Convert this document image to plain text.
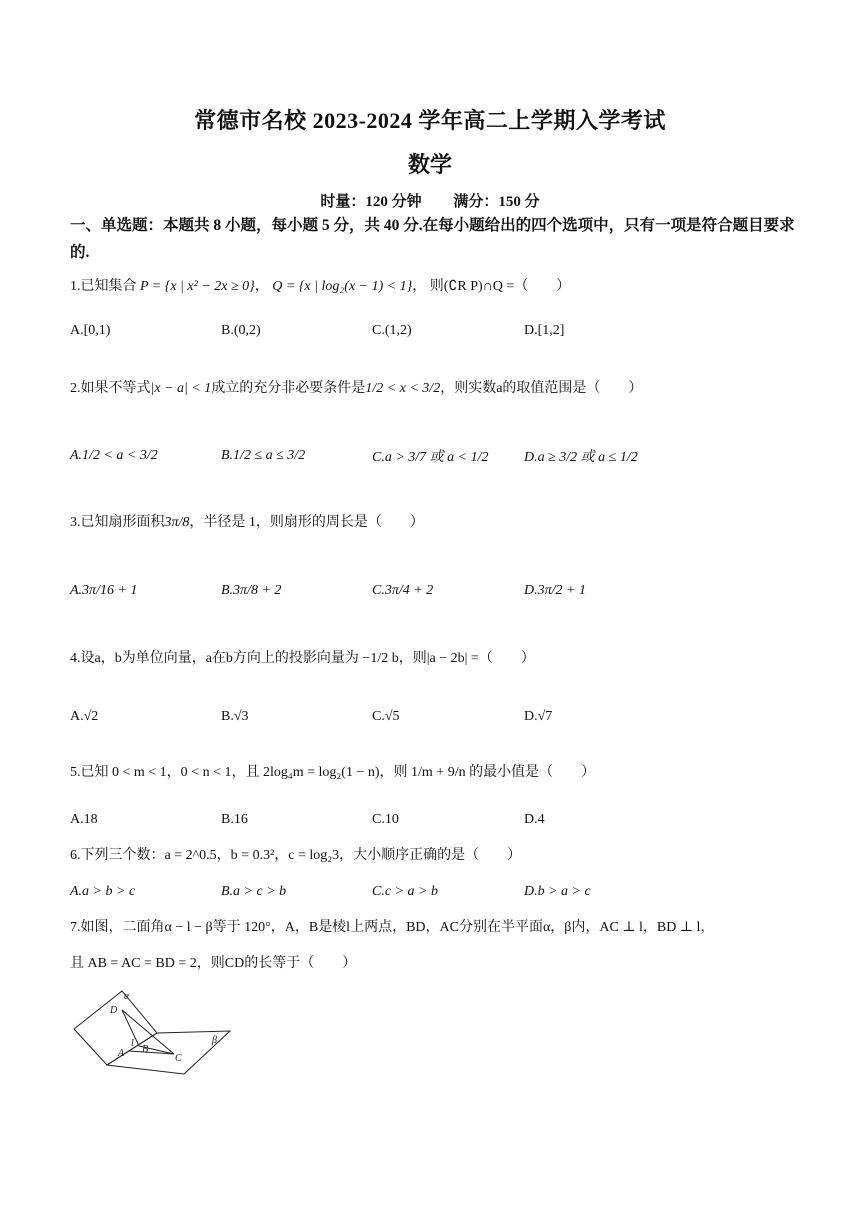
常德市名校 2023-2024 学年高二上学期入学考试
数学
时量：120 分钟 满分：150 分
一、单选题：本题共 8 小题，每小题 5 分，共 40 分.在每小题给出的四个选项中，只有一项是符合题目要求的.
1.已知集合 P = {x | x² − 2x ≥ 0}， Q = {x | log₂(x − 1) < 1}， 则(∁R P)∩Q =（　　）
A.[0,1)	B.(0,2)	C.(1,2)	D.[1,2]
2.如果不等式|x − a| < 1成立的充分非必要条件是1/2 < x < 3/2，则实数a的取值范围是（　　）
A.1/2 < a < 3/2	B.1/2 ≤ a ≤ 3/2	C.a > 3/7 或 a < 1/2	D.a ≥ 3/2 或 a ≤ 1/2
3.已知扇形面积3π/8，半径是 1，则扇形的周长是（　　）
A.3π/16 + 1	B.3π/8 + 2	C.3π/4 + 2	D.3π/2 + 1
4.设a，b为单位向量，a在b方向上的投影向量为 −1/2 b，则|a − 2b| =（　　）
A.√2	B.√3	C.√5	D.√7
5.已知 0 < m < 1，0 < n < 1，且 2log₄m = log₂(1 − n)，则 1/m + 9/n 的最小值是（　　）
A.18	B.16	C.10	D.4
6.下列三个数：a = 2^0.5，b = 0.3²，c = log₂3，大小顺序正确的是（　　）
A.a > b > c	B.a > c > b	C.c > a > b	D.b > a > c
7.如图，二面角α − l − β等于 120°，A，B是棱l上两点，BD，AC分别在半平面α，β内，AC ⊥ l，BD ⊥ l，
且 AB = AC = BD = 2，则CD的长等于（　　）
α
D
l
A B
C
β
